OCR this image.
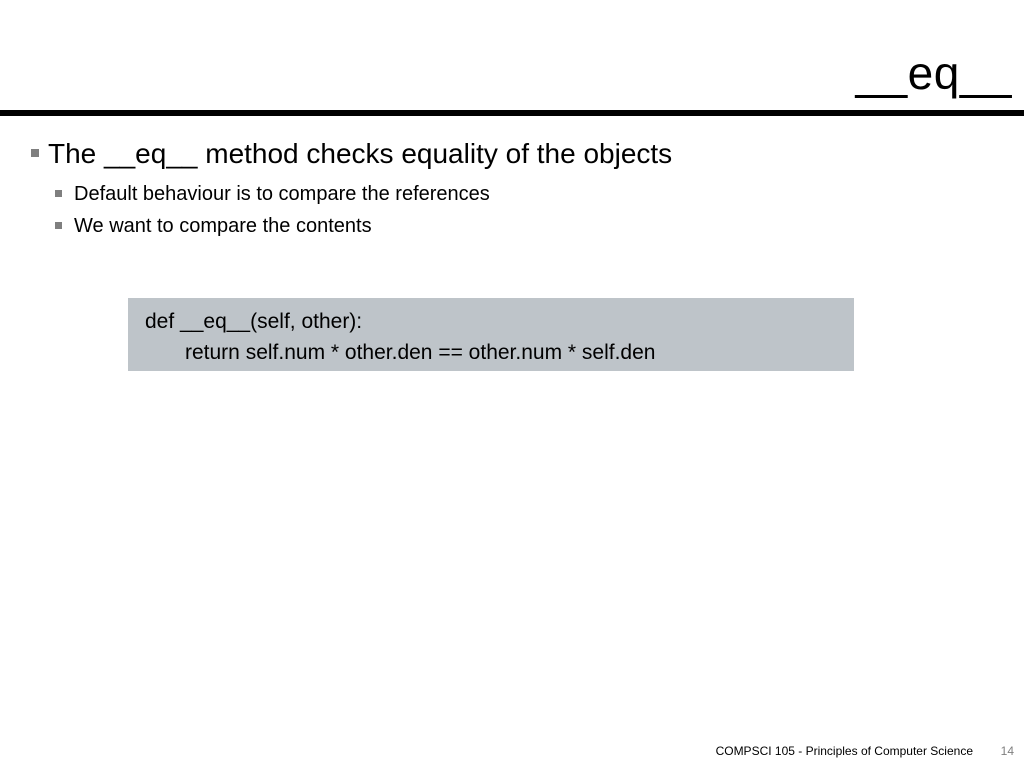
__eq__
The __eq__ method checks equality of the objects
Default behaviour is to compare the references
We want to compare the contents
def __eq__(self, other):
return self.num * other.den == other.num * self.den
COMPSCI 105 - Principles of Computer Science 14
